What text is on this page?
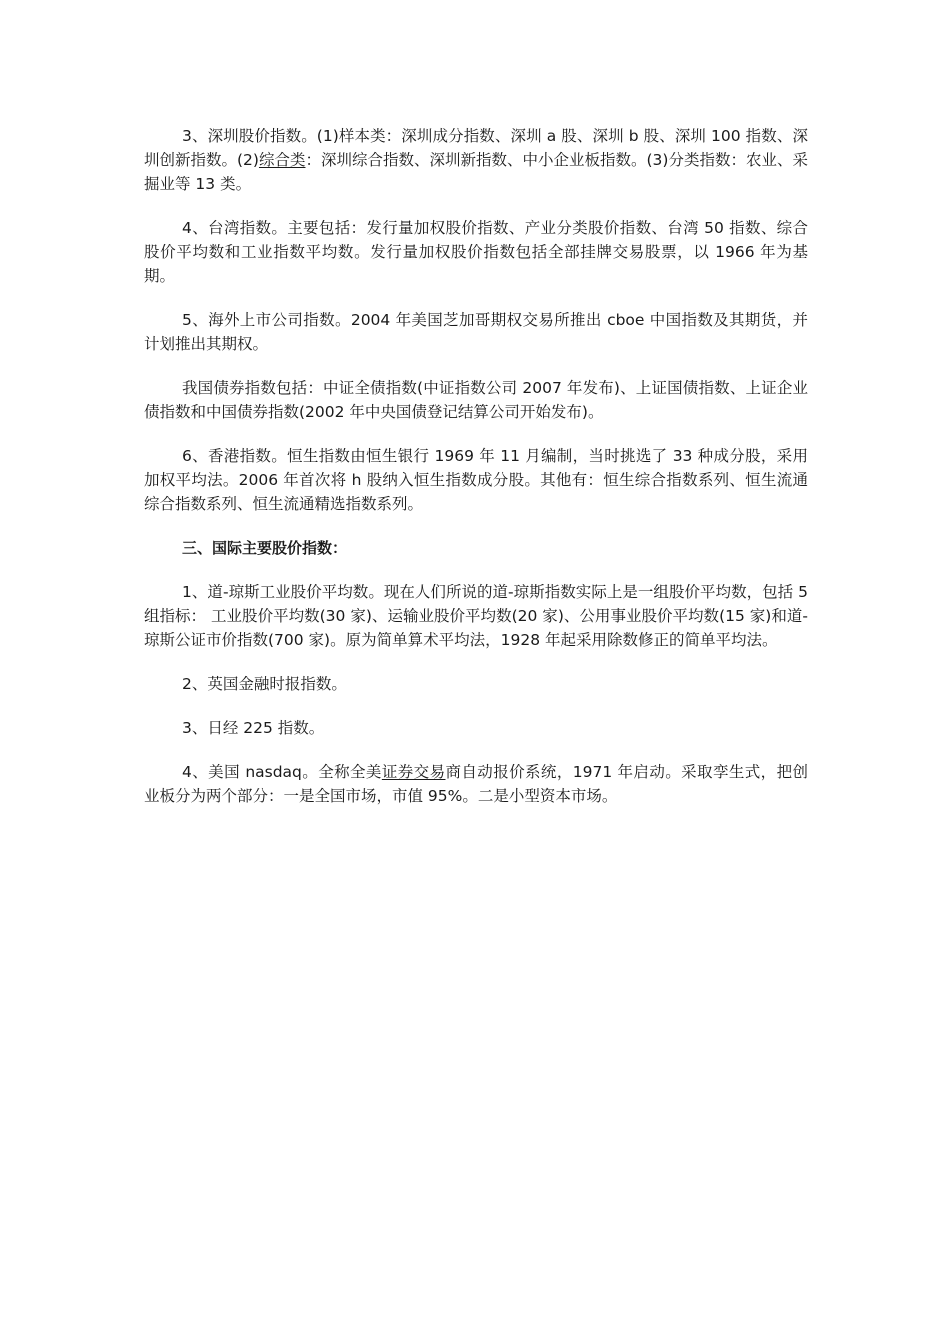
3、深圳股价指数。(1)样本类：深圳成分指数、深圳 a 股、深圳 b 股、深圳 100 指数、深圳创新指数。(2)综合类：深圳综合指数、深圳新指数、中小企业板指数。(3)分类指数：农业、采掘业等 13 类。

4、台湾指数。主要包括：发行量加权股价指数、产业分类股价指数、台湾 50 指数、综合股价平均数和工业指数平均数。发行量加权股价指数包括全部挂牌交易股票，以 1966 年为基期。

5、海外上市公司指数。2004 年美国芝加哥期权交易所推出 cboe 中国指数及其期货，并计划推出其期权。

我国债券指数包括：中证全债指数(中证指数公司 2007 年发布)、上证国债指数、上证企业债指数和中国债券指数(2002 年中央国债登记结算公司开始发布)。

6、香港指数。恒生指数由恒生银行 1969 年 11 月编制，当时挑选了 33 种成分股，采用加权平均法。2006 年首次将 h 股纳入恒生指数成分股。其他有：恒生综合指数系列、恒生流通综合指数系列、恒生流通精选指数系列。

三、国际主要股价指数：

1、道-琼斯工业股价平均数。现在人们所说的道-琼斯指数实际上是一组股价平均数，包括 5 组指标： 工业股价平均数(30 家)、运输业股价平均数(20 家)、公用事业股价平均数(15 家)和道-琼斯公证市价指数(700 家)。原为简单算术平均法，1928 年起采用除数修正的简单平均法。

2、英国金融时报指数。

3、日经 225 指数。

4、美国 nasdaq。全称全美证券交易商自动报价系统，1971 年启动。采取孪生式，把创业板分为两个部分：一是全国市场，市值 95%。二是小型资本市场。
